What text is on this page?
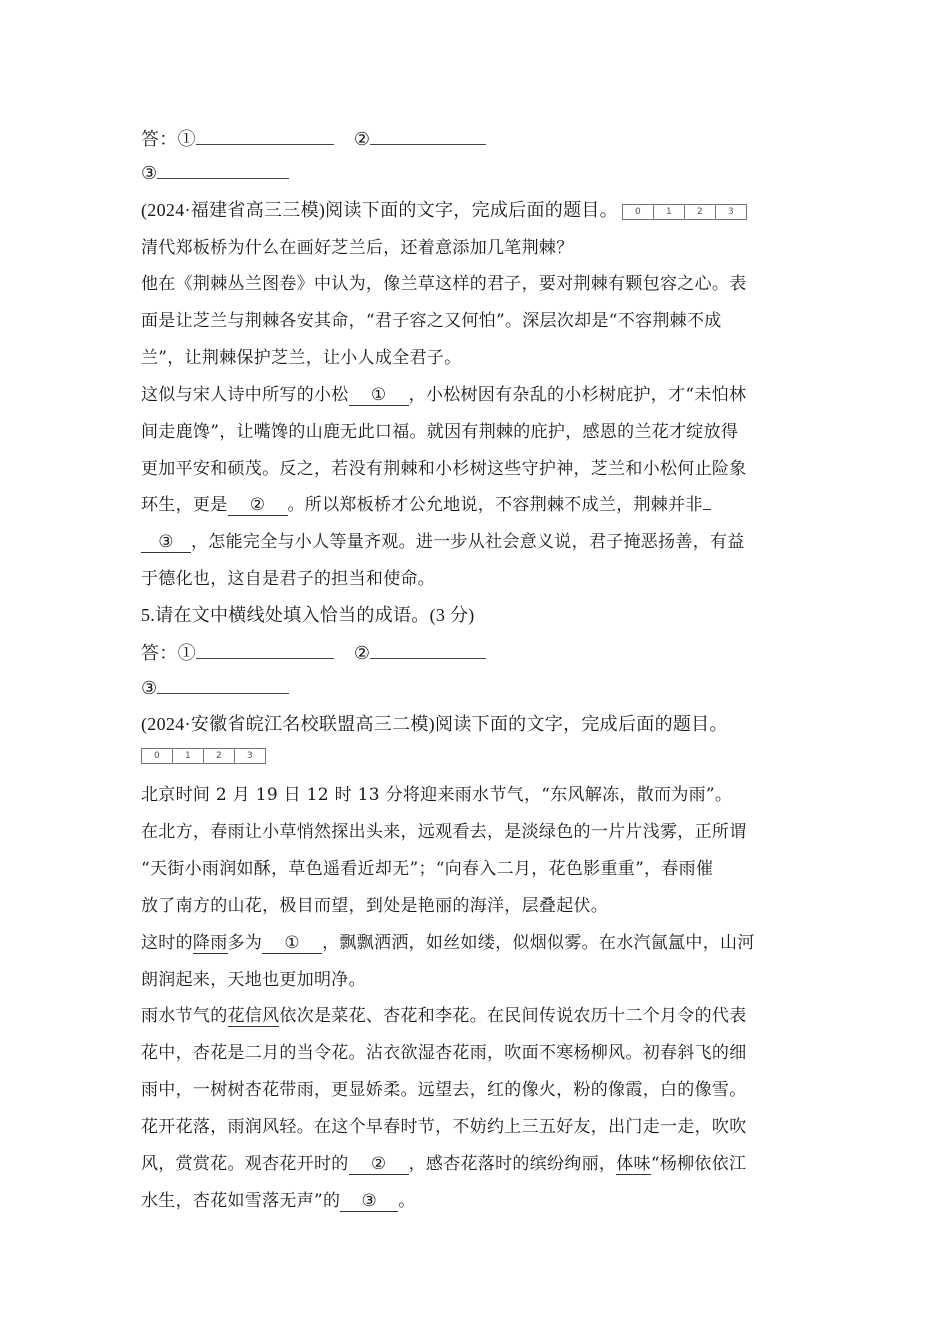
答：①	②
③
(2024·福建省高三三模)阅读下面的文字，完成后面的题目。	0	1	2	3
清代郑板桥为什么在画好芝兰后，还着意添加几笔荆棘？
他在《荆棘丛兰图卷》中认为，像兰草这样的君子，要对荆棘有颗包容之心。表
面是让芝兰与荆棘各安其命，“君子容之又何怕”。深层次却是“不容荆棘不成
兰”，让荆棘保护芝兰，让小人成全君子。
这似与宋人诗中所写的小松 ① ，小松树因有杂乱的小杉树庇护，才“未怕林
间走鹿馋”，让嘴馋的山鹿无此口福。就因有荆棘的庇护，感恩的兰花才绽放得
更加平安和硕茂。反之，若没有荆棘和小杉树这些守护神，芝兰和小松何止险象
环生，更是 ② 。所以郑板桥才公允地说，不容荆棘不成兰，荆棘并非
③ ，怎能完全与小人等量齐观。进一步从社会意义说，君子掩恶扬善，有益
于德化也，这自是君子的担当和使命。
5.请在文中横线处填入恰当的成语。(3 分)
答：①	②
③
(2024·安徽省皖江名校联盟高三二模)阅读下面的文字，完成后面的题目。
0	1	2	3
北京时间 2 月 19 日 12 时 13 分将迎来雨水节气，“东风解冻，散而为雨”。
在北方，春雨让小草悄然探出头来，远观看去，是淡绿色的一片片浅雾，正所谓
“天街小雨润如酥，草色遥看近却无”；“向春入二月，花色影重重”，春雨催
放了南方的山花，极目而望，到处是艳丽的海洋，层叠起伏。
这时的降雨多为 ① ，飘飘洒洒，如丝如缕，似烟似雾。在水汽氤氲中，山河
朗润起来，天地也更加明净。
雨水节气的花信风依次是菜花、杏花和李花。在民间传说农历十二个月令的代表
花中，杏花是二月的当令花。沾衣欲湿杏花雨，吹面不寒杨柳风。初春斜飞的细
雨中，一树树杏花带雨，更显娇柔。远望去，红的像火，粉的像霞，白的像雪。
花开花落，雨润风轻。在这个早春时节，不妨约上三五好友，出门走一走，吹吹
风，赏赏花。观杏花开时的 ② ，感杏花落时的缤纷绚丽，体味“杨柳依依江
水生，杏花如雪落无声”的 ③ 。
